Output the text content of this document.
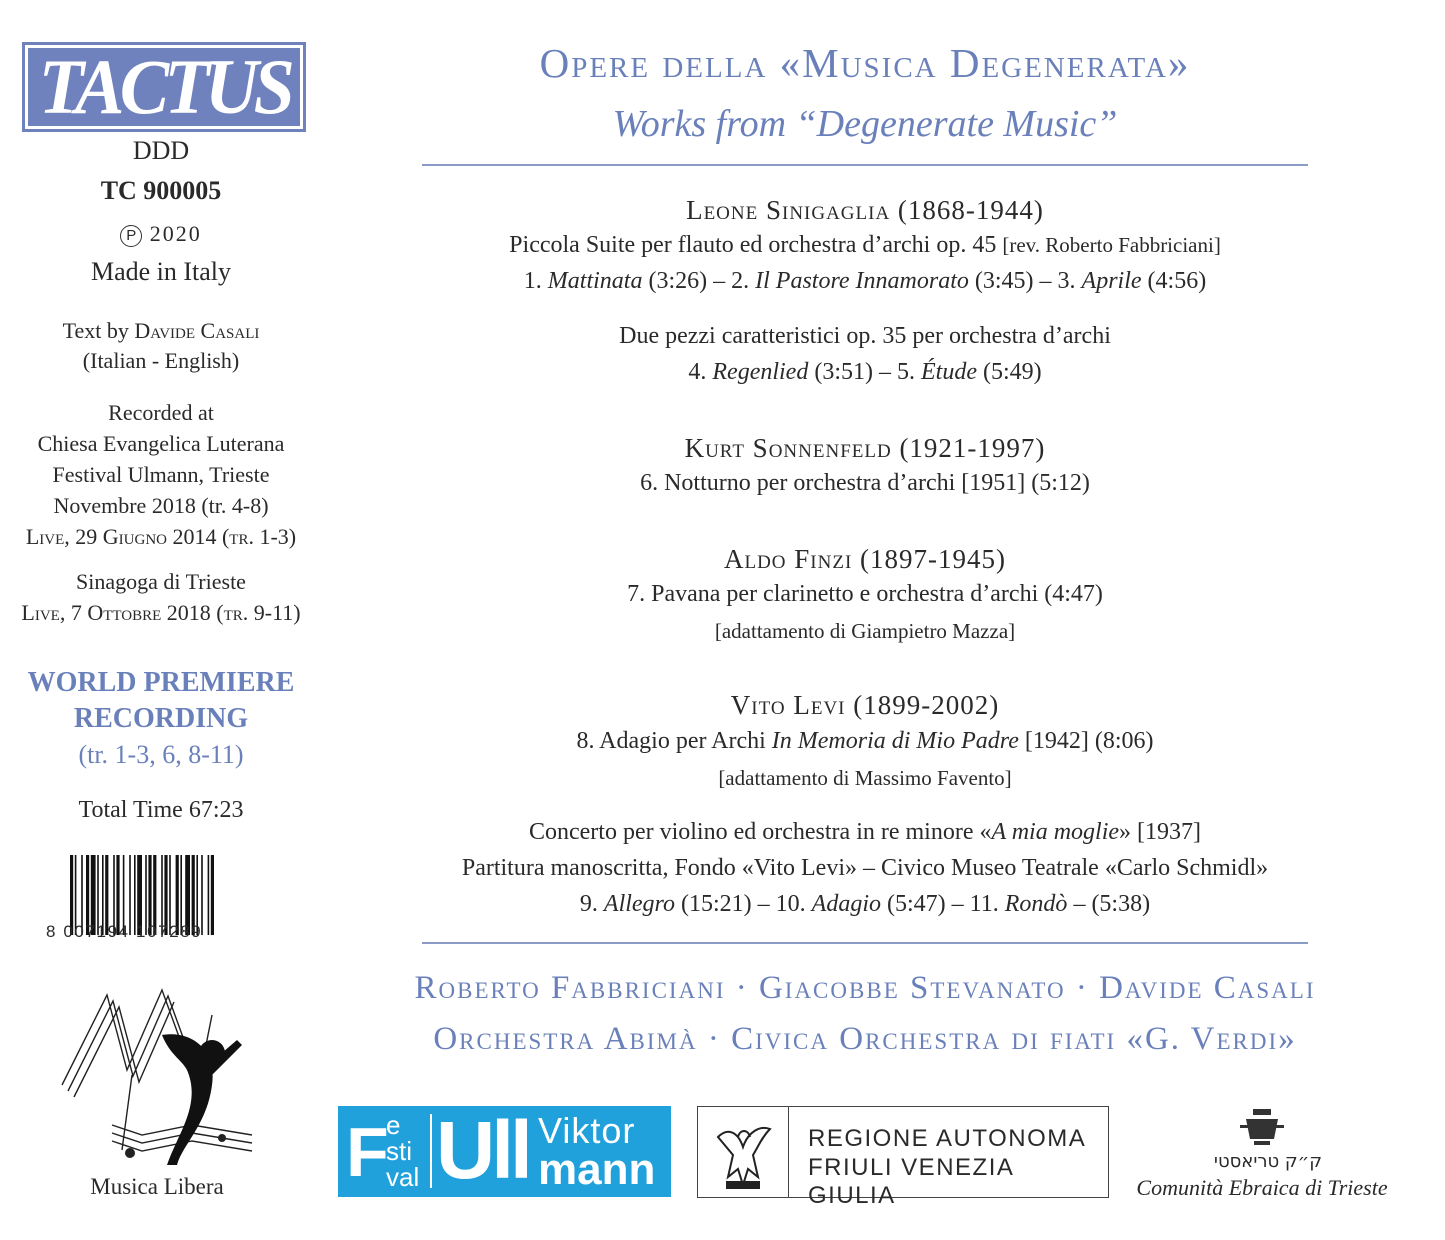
TACTUS
DDD
TC 900005
P 2020
Made in Italy
Text by Davide Casali
(Italian - English)
Recorded at
Chiesa Evangelica Luterana
Festival Ulmann, Trieste
Novembre 2018 (tr. 4-8)
Live, 29 Giugno 2014 (tr. 1-3)
Sinagoga di Trieste
Live, 7 Ottobre 2018 (tr. 9-11)
WORLD PREMIERE
RECORDING
(tr. 1-3, 6, 8-11)
Total Time 67:23
8 007194 107289
Musica Libera
Opere della «Musica Degenerata»
Works from “Degenerate Music”
Leone Sinigaglia (1868-1944)
Piccola Suite per flauto ed orchestra d’archi op. 45 [rev. Roberto Fabbriciani]
1. Mattinata (3:26) – 2. Il Pastore Innamorato (3:45) – 3. Aprile (4:56)
Due pezzi caratteristici op. 35 per orchestra d’archi
4. Regenlied (3:51) – 5. Étude (5:49)
Kurt Sonnenfeld (1921-1997)
6. Notturno per orchestra d’archi [1951] (5:12)
Aldo Finzi (1897-1945)
7. Pavana per clarinetto e orchestra d’archi (4:47)
[adattamento di Giampietro Mazza]
Vito Levi (1899-2002)
8. Adagio per Archi In Memoria di Mio Padre [1942] (8:06)
[adattamento di Massimo Favento]
Concerto per violino ed orchestra in re minore «A mia moglie» [1937]
Partitura manoscritta, Fondo «Vito Levi» – Civico Museo Teatrale «Carlo Schmidl»
9. Allegro (15:21) – 10. Adagio (5:47) – 11. Rondò – (5:38)
Roberto Fabbriciani · Giacobbe Stevanato · Davide Casali
Orchestra Abimà · Civica Orchestra di fiati «G. Verdi»
F
e
sti
val Ull Viktor
mann
REGIONE AUTONOMA
FRIULI VENEZIA GIULIA
ק״ק טריאסטי
Comunità Ebraica di Trieste
